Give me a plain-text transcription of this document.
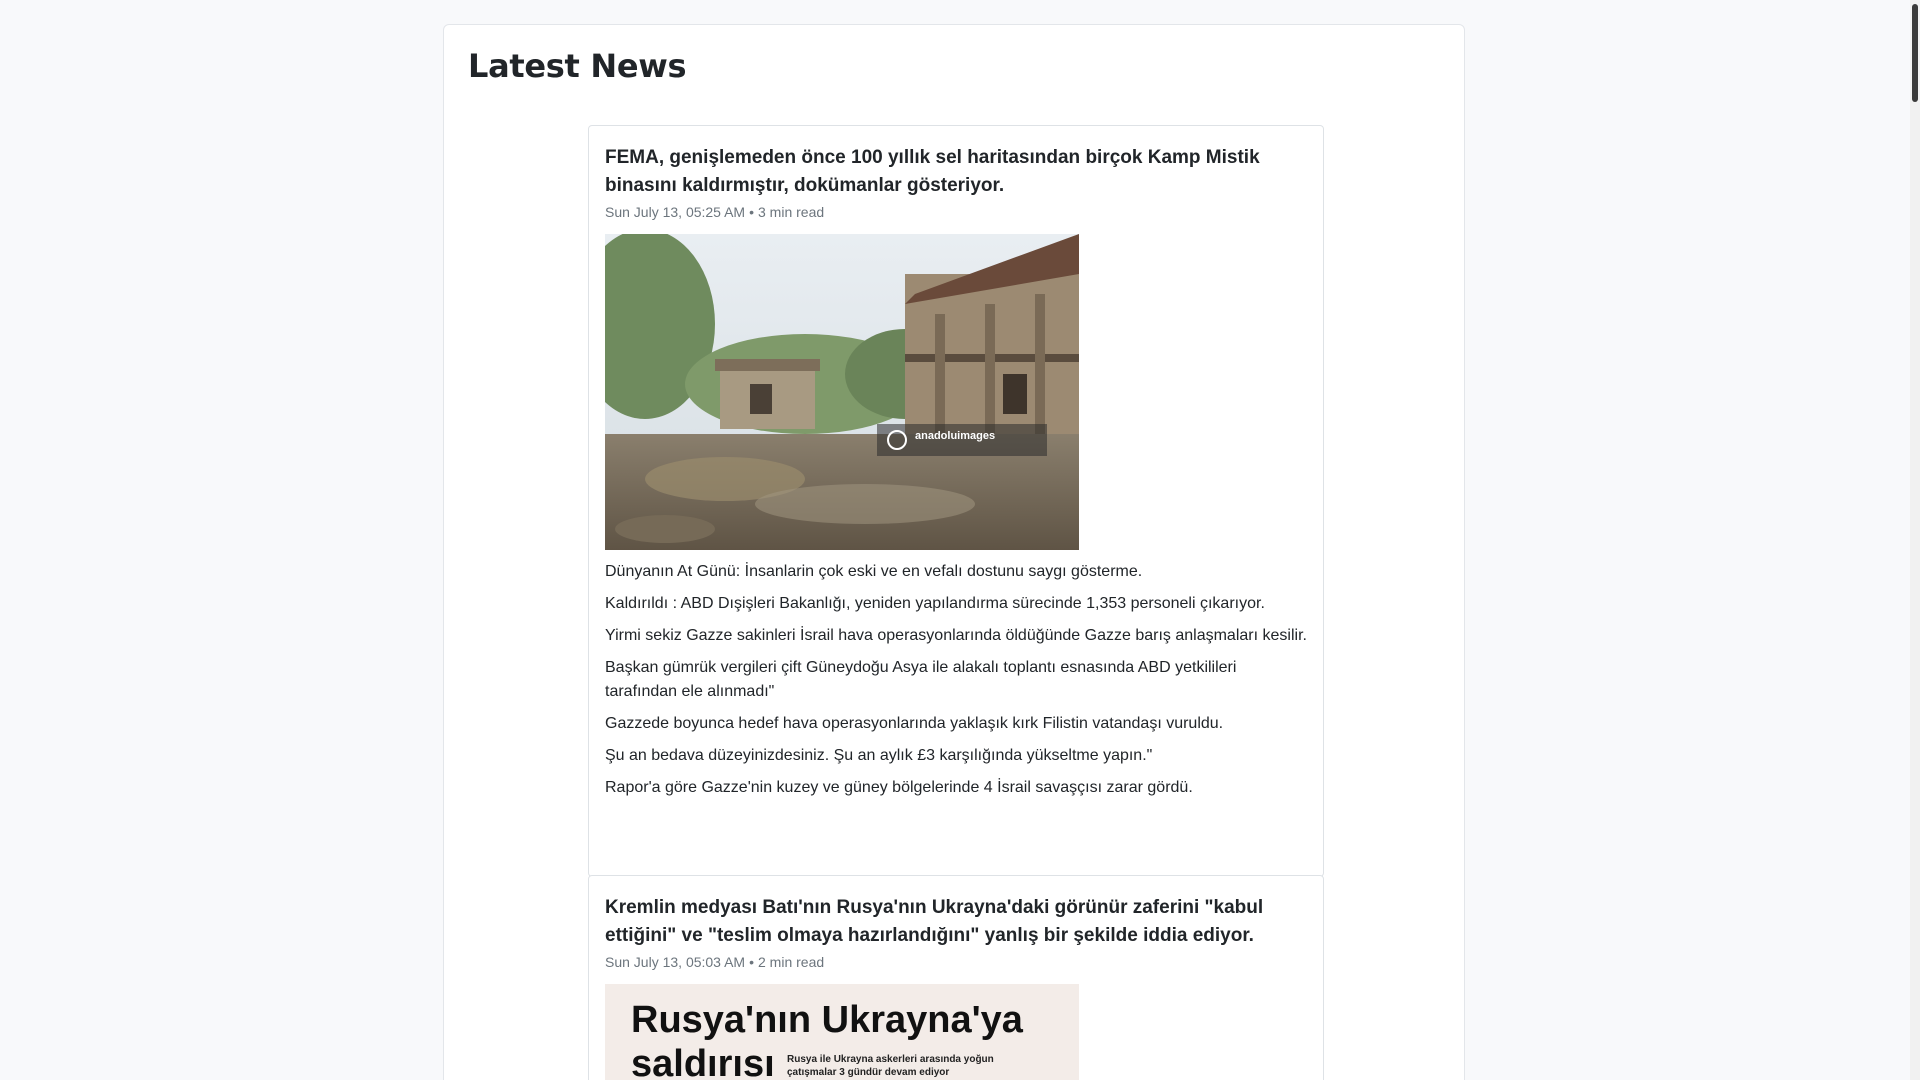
Latest News
FEMA, genişlemeden önce 100 yıllık sel haritasından birçok Kamp Mistik binasını kaldırmıştır, dokümanlar gösteriyor.
Sun July 13, 05:25 AM • 3 min read
anadoluimages
Dünyanın At Günü: İnsanlarin çok eski ve en vefalı dostunu saygı gösterme.
Kaldırıldı : ABD Dışişleri Bakanlığı, yeniden yapılandırma sürecinde 1,353 personeli çıkarıyor.
Yirmi sekiz Gazze sakinleri İsrail hava operasyonlarında öldüğünde Gazze barış anlaşmaları kesilir.
Başkan gümrük vergileri çift Güneydoğu Asya ile alakalı toplantı esnasında ABD yetkilileri tarafından ele alınmadı"
Gazzede boyunca hedef hava operasyonlarında yaklaşık kırk Filistin vatandaşı vuruldu.
Şu an bedava düzeyinizdesiniz. Şu an aylık £3 karşılığında yükseltme yapın."
Rapor'a göre Gazze'nin kuzey ve güney bölgelerinde 4 İsrail savaşçısı zarar gördü.
Kremlin medyası Batı'nın Rusya'nın Ukrayna'daki görünür zaferini "kabul ettiğini" ve "teslim olmaya hazırlandığını" yanlış bir şekilde iddia ediyor.
Sun July 13, 05:03 AM • 2 min read
Rusya'nın Ukrayna'ya
saldırısı Rusya ile Ukrayna askerleri arasında yoğun
çatışmalar 3 gündür devam ediyor
